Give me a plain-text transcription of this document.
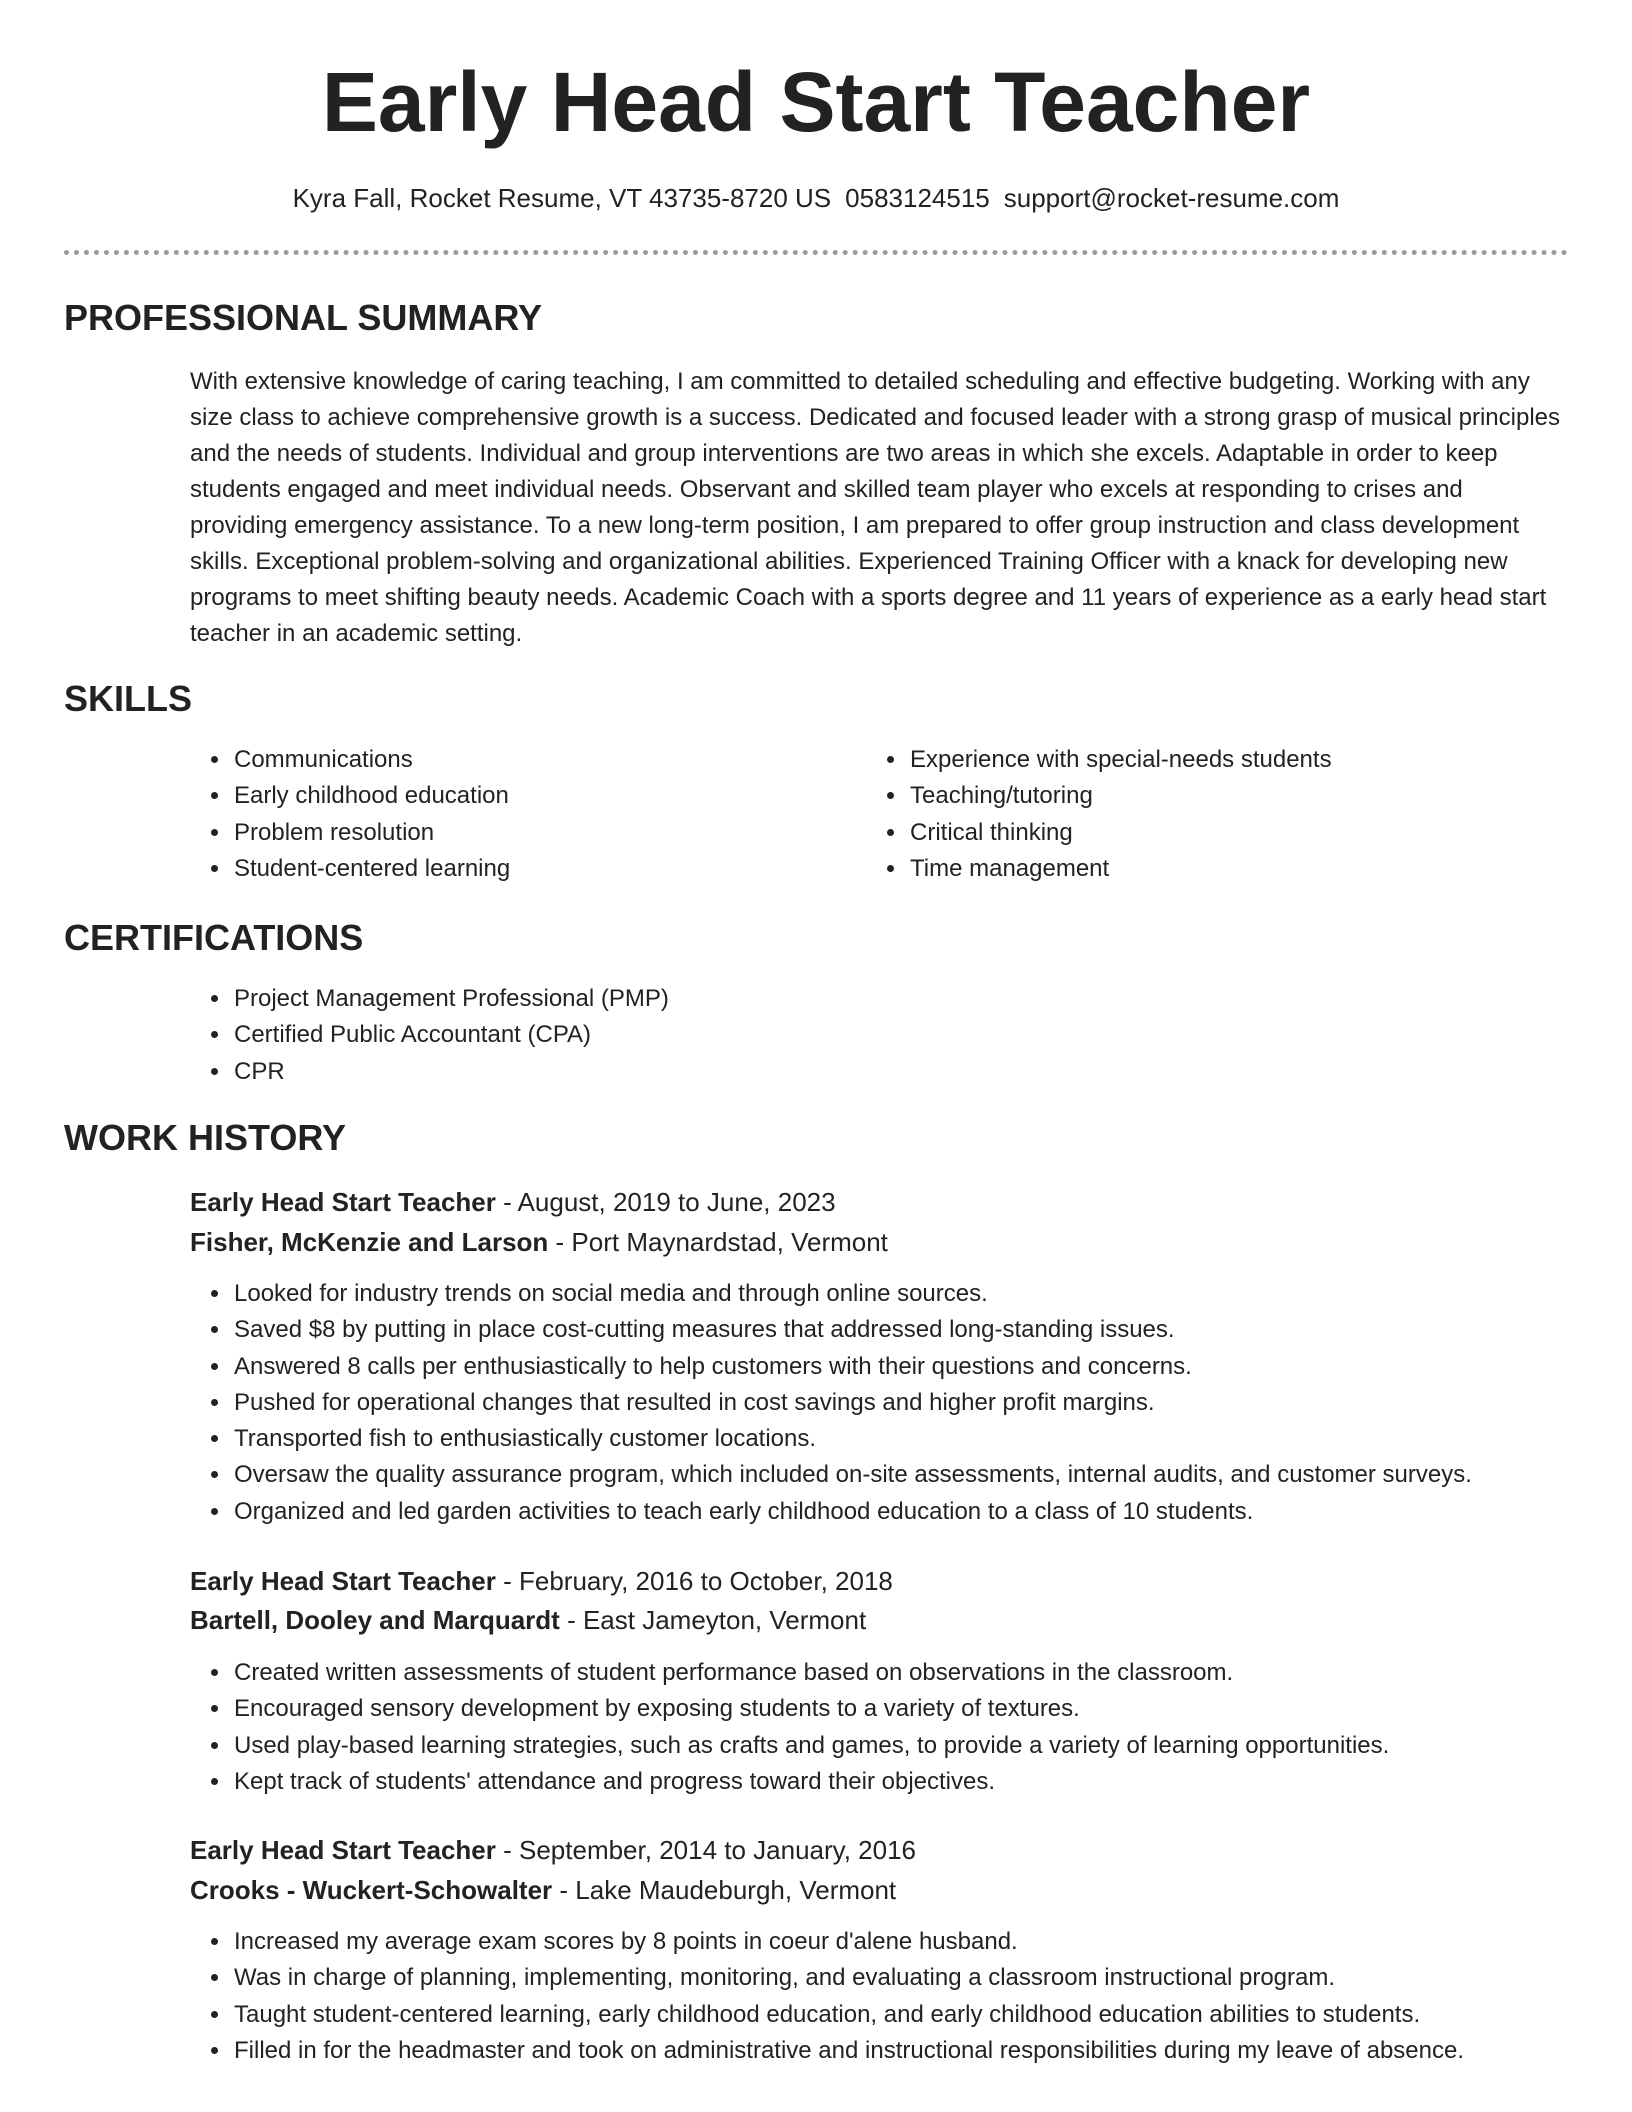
Early Head Start Teacher
Kyra Fall, Rocket Resume, VT 43735-8720 US 0583124515 support@rocket-resume.com
PROFESSIONAL SUMMARY

With extensive knowledge of caring teaching, I am committed to detailed scheduling and effective budgeting. Working with any size class to achieve comprehensive growth is a success. Dedicated and focused leader with a strong grasp of musical principles and the needs of students. Individual and group interventions are two areas in which she excels. Adaptable in order to keep students engaged and meet individual needs. Observant and skilled team player who excels at responding to crises and providing emergency assistance. To a new long-term position, I am prepared to offer group instruction and class development skills. Exceptional problem-solving and organizational abilities. Experienced Training Officer with a knack for developing new programs to meet shifting beauty needs. Academic Coach with a sports degree and 11 years of experience as a early head start teacher in an academic setting.

SKILLS
• Communications
• Early childhood education
• Problem resolution
• Student-centered learning
• Experience with special-needs students
• Teaching/tutoring
• Critical thinking
• Time management
CERTIFICATIONS
• Project Management Professional (PMP)
• Certified Public Accountant (CPA)
• CPR
WORK HISTORY
Early Head Start Teacher - August, 2019 to June, 2023
Fisher, McKenzie and Larson - Port Maynardstad, Vermont
• Looked for industry trends on social media and through online sources.
• Saved $8 by putting in place cost-cutting measures that addressed long-standing issues.
• Answered 8 calls per enthusiastically to help customers with their questions and concerns.
• Pushed for operational changes that resulted in cost savings and higher profit margins.
• Transported fish to enthusiastically customer locations.
• Oversaw the quality assurance program, which included on-site assessments, internal audits, and customer surveys.
• Organized and led garden activities to teach early childhood education to a class of 10 students.
Early Head Start Teacher - February, 2016 to October, 2018
Bartell, Dooley and Marquardt - East Jameyton, Vermont
• Created written assessments of student performance based on observations in the classroom.
• Encouraged sensory development by exposing students to a variety of textures.
• Used play-based learning strategies, such as crafts and games, to provide a variety of learning opportunities.
• Kept track of students' attendance and progress toward their objectives.
Early Head Start Teacher - September, 2014 to January, 2016
Crooks - Wuckert-Schowalter - Lake Maudeburgh, Vermont
• Increased my average exam scores by 8 points in coeur d'alene husband.
• Was in charge of planning, implementing, monitoring, and evaluating a classroom instructional program.
• Taught student-centered learning, early childhood education, and early childhood education abilities to students.
• Filled in for the headmaster and took on administrative and instructional responsibilities during my leave of absence.
